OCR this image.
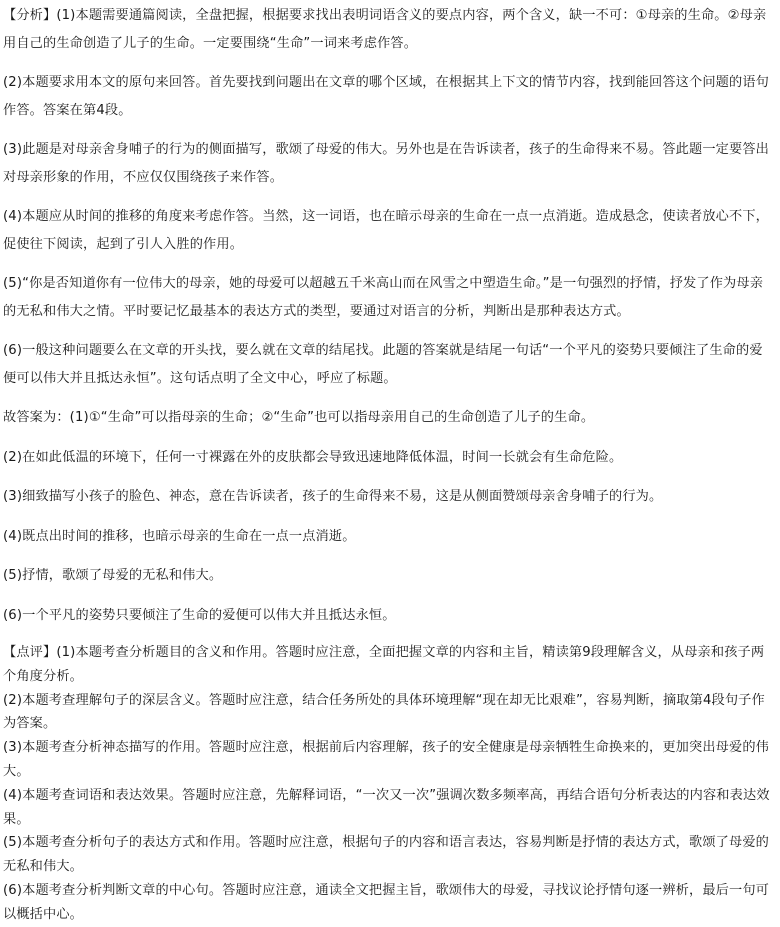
【分析】(1)本题需要通篇阅读，全盘把握，根据要求找出表明词语含义的要点内容，两个含义，缺一不可：①母亲的生命。②母亲用自己的生命创造了儿子的生命。一定要围绕“生命”一词来考虑作答。

(2)本题要求用本文的原句来回答。首先要找到问题出在文章的哪个区域，在根据其上下文的情节内容，找到能回答这个问题的语句作答。答案在第4段。

(3)此题是对母亲舍身哺子的行为的侧面描写，歌颂了母爱的伟大。另外也是在告诉读者，孩子的生命得来不易。答此题一定要答出对母亲形象的作用，不应仅仅围绕孩子来作答。

(4)本题应从时间的推移的角度来考虑作答。当然，这一词语，也在暗示母亲的生命在一点一点消逝。造成悬念，使读者放心不下，促使往下阅读，起到了引人入胜的作用。

(5)“你是否知道你有一位伟大的母亲，她的母爱可以超越五千米高山而在风雪之中塑造生命。”是一句强烈的抒情，抒发了作为母亲的无私和伟大之情。平时要记忆最基本的表达方式的类型，要通过对语言的分析，判断出是那种表达方式。

(6)一般这种问题要么在文章的开头找，要么就在文章的结尾找。此题的答案就是结尾一句话“一个平凡的姿势只要倾注了生命的爱便可以伟大并且抵达永恒”。这句话点明了全文中心，呼应了标题。

故答案为：(1)①“生命”可以指母亲的生命；②“生命”也可以指母亲用自己的生命创造了儿子的生命。

(2)在如此低温的环境下，任何一寸裸露在外的皮肤都会导致迅速地降低体温，时间一长就会有生命危险。

(3)细致描写小孩子的脸色、神态，意在告诉读者，孩子的生命得来不易，这是从侧面赞颂母亲舍身哺子的行为。

(4)既点出时间的推移，也暗示母亲的生命在一点一点消逝。

(5)抒情，歌颂了母爱的无私和伟大。

(6)一个平凡的姿势只要倾注了生命的爱便可以伟大并且抵达永恒。

【点评】(1)本题考查分析题目的含义和作用。答题时应注意，全面把握文章的内容和主旨，精读第9段理解含义，从母亲和孩子两个角度分析。

(2)本题考查理解句子的深层含义。答题时应注意，结合任务所处的具体环境理解“现在却无比艰难”，容易判断，摘取第4段句子作为答案。

(3)本题考查分析神态描写的作用。答题时应注意，根据前后内容理解，孩子的安全健康是母亲牺牲生命换来的，更加突出母爱的伟大。

(4)本题考查词语和表达效果。答题时应注意，先解释词语，“一次又一次”强调次数多频率高，再结合语句分析表达的内容和表达效果。

(5)本题考查分析句子的表达方式和作用。答题时应注意，根据句子的内容和语言表达，容易判断是抒情的表达方式，歌颂了母爱的无私和伟大。

(6)本题考查分析判断文章的中心句。答题时应注意，通读全文把握主旨，歌颂伟大的母爱，寻找议论抒情句逐一辨析，最后一句可以概括中心。
